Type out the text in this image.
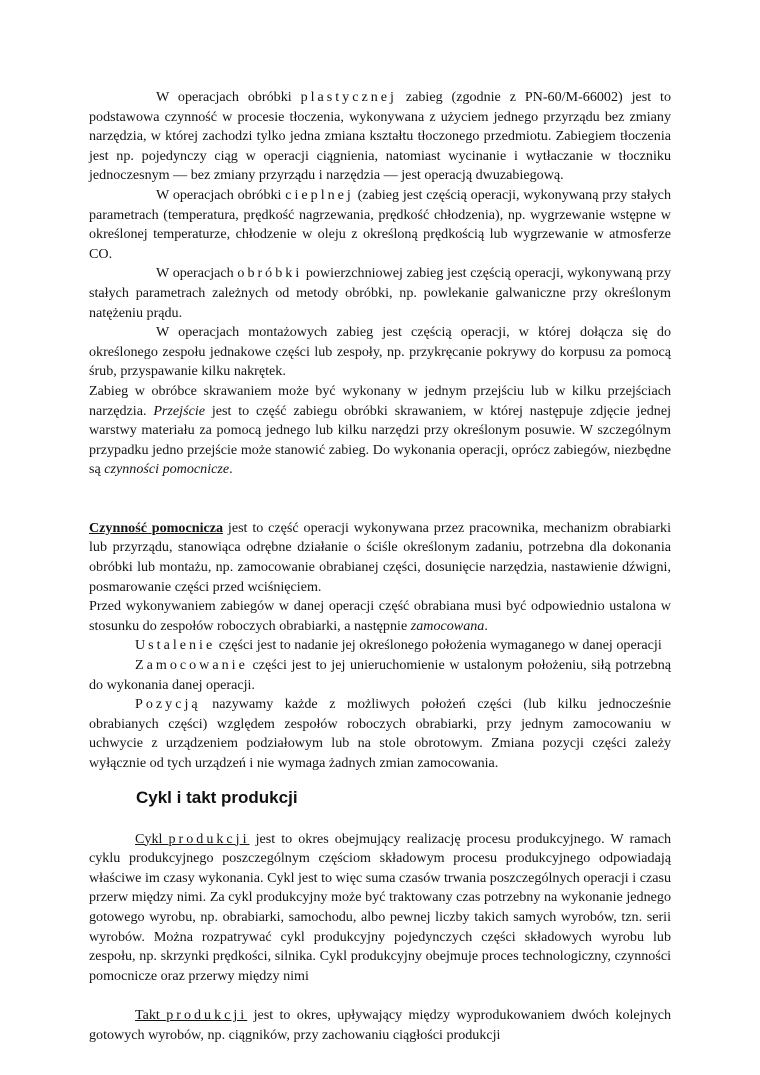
W operacjach obróbki plastycznej zabieg (zgodnie z PN-60/M-66002) jest to podstawowa czynność w procesie tłoczenia, wykonywana z użyciem jednego przyrządu bez zmiany narzędzia, w której zachodzi tylko jedna zmiana kształtu tłoczonego przedmiotu. Zabiegiem tłoczenia jest np. pojedynczy ciąg w operacji ciągnienia, natomiast wycinanie i wytłaczanie w tłoczniku jednoczesnym — bez zmiany przyrządu i narzędzia — jest operacją dwuzabiegową.

W operacjach obróbki cieplnej (zabieg jest częścią operacji, wykonywaną przy stałych parametrach (temperatura, prędkość nagrzewania, prędkość chłodzenia), np. wygrzewanie wstępne w określonej temperaturze, chłodzenie w oleju z określoną prędkością lub wygrzewanie w atmosferze CO.

W operacjach obróbki powierzchniowej zabieg jest częścią operacji, wykonywaną przy stałych parametrach zależnych od metody obróbki, np. powlekanie galwaniczne przy określonym natężeniu prądu.

W operacjach montażowych zabieg jest częścią operacji, w której dołącza się do określonego zespołu jednakowe części lub zespoły, np. przykręcanie pokrywy do korpusu za pomocą śrub, przyspawanie kilku nakrętek.

Zabieg w obróbce skrawaniem może być wykonany w jednym przejściu lub w kilku przejściach narzędzia. Przejście jest to część zabiegu obróbki skrawaniem, w której następuje zdjęcie jednej warstwy materiału za pomocą jednego lub kilku narzędzi przy określonym posuwie. W szczególnym przypadku jedno przejście może stanowić zabieg. Do wykonania operacji, oprócz zabiegów, niezbędne są czynności pomocnicze.

Czynność pomocnicza jest to część operacji wykonywana przez pracownika, mechanizm obrabiarki lub przyrządu, stanowiąca odrębne działanie o ściśle określonym zadaniu, potrzebna dla dokonania obróbki lub montażu, np. zamocowanie obrabianej części, dosunięcie narzędzia, nastawienie dźwigni, posmarowanie części przed wciśnięciem.

Przed wykonywaniem zabiegów w danej operacji część obrabiana musi być odpowiednio ustalona w stosunku do zespołów roboczych obrabiarki, a następnie zamocowana.

Ustalenie części jest to nadanie jej określonego położenia wymaganego w danej operacji

Zamocowanie części jest to jej unieruchomienie w ustalonym położeniu, siłą potrzebną do wykonania danej operacji.

Pozycją nazywamy każde z możliwych położeń części (lub kilku jednocześnie obrabianych części) względem zespołów roboczych obrabiarki, przy jednym zamocowaniu w uchwycie z urządzeniem podziałowym lub na stole obrotowym. Zmiana pozycji części zależy wyłącznie od tych urządzeń i nie wymaga żadnych zmian zamocowania.

Cykl i takt produkcji

Cykl produkcji jest to okres obejmujący realizację procesu produkcyjnego. W ramach cyklu produkcyjnego poszczególnym częściom składowym procesu produkcyjnego odpowiadają właściwe im czasy wykonania. Cykl jest to więc suma czasów trwania poszczególnych operacji i czasu przerw między nimi. Za cykl produkcyjny może być traktowany czas potrzebny na wykonanie jednego gotowego wyrobu, np. obrabiarki, samochodu, albo pewnej liczby takich samych wyrobów, tzn. serii wyrobów. Można rozpatrywać cykl produkcyjny pojedynczych części składowych wyrobu lub zespołu, np. skrzynki prędkości, silnika. Cykl produkcyjny obejmuje proces technologiczny, czynności pomocnicze oraz przerwy między nimi

Takt produkcji jest to okres, upływający między wyprodukowaniem dwóch kolejnych gotowych wyrobów, np. ciągników, przy zachowaniu ciągłości produkcji
